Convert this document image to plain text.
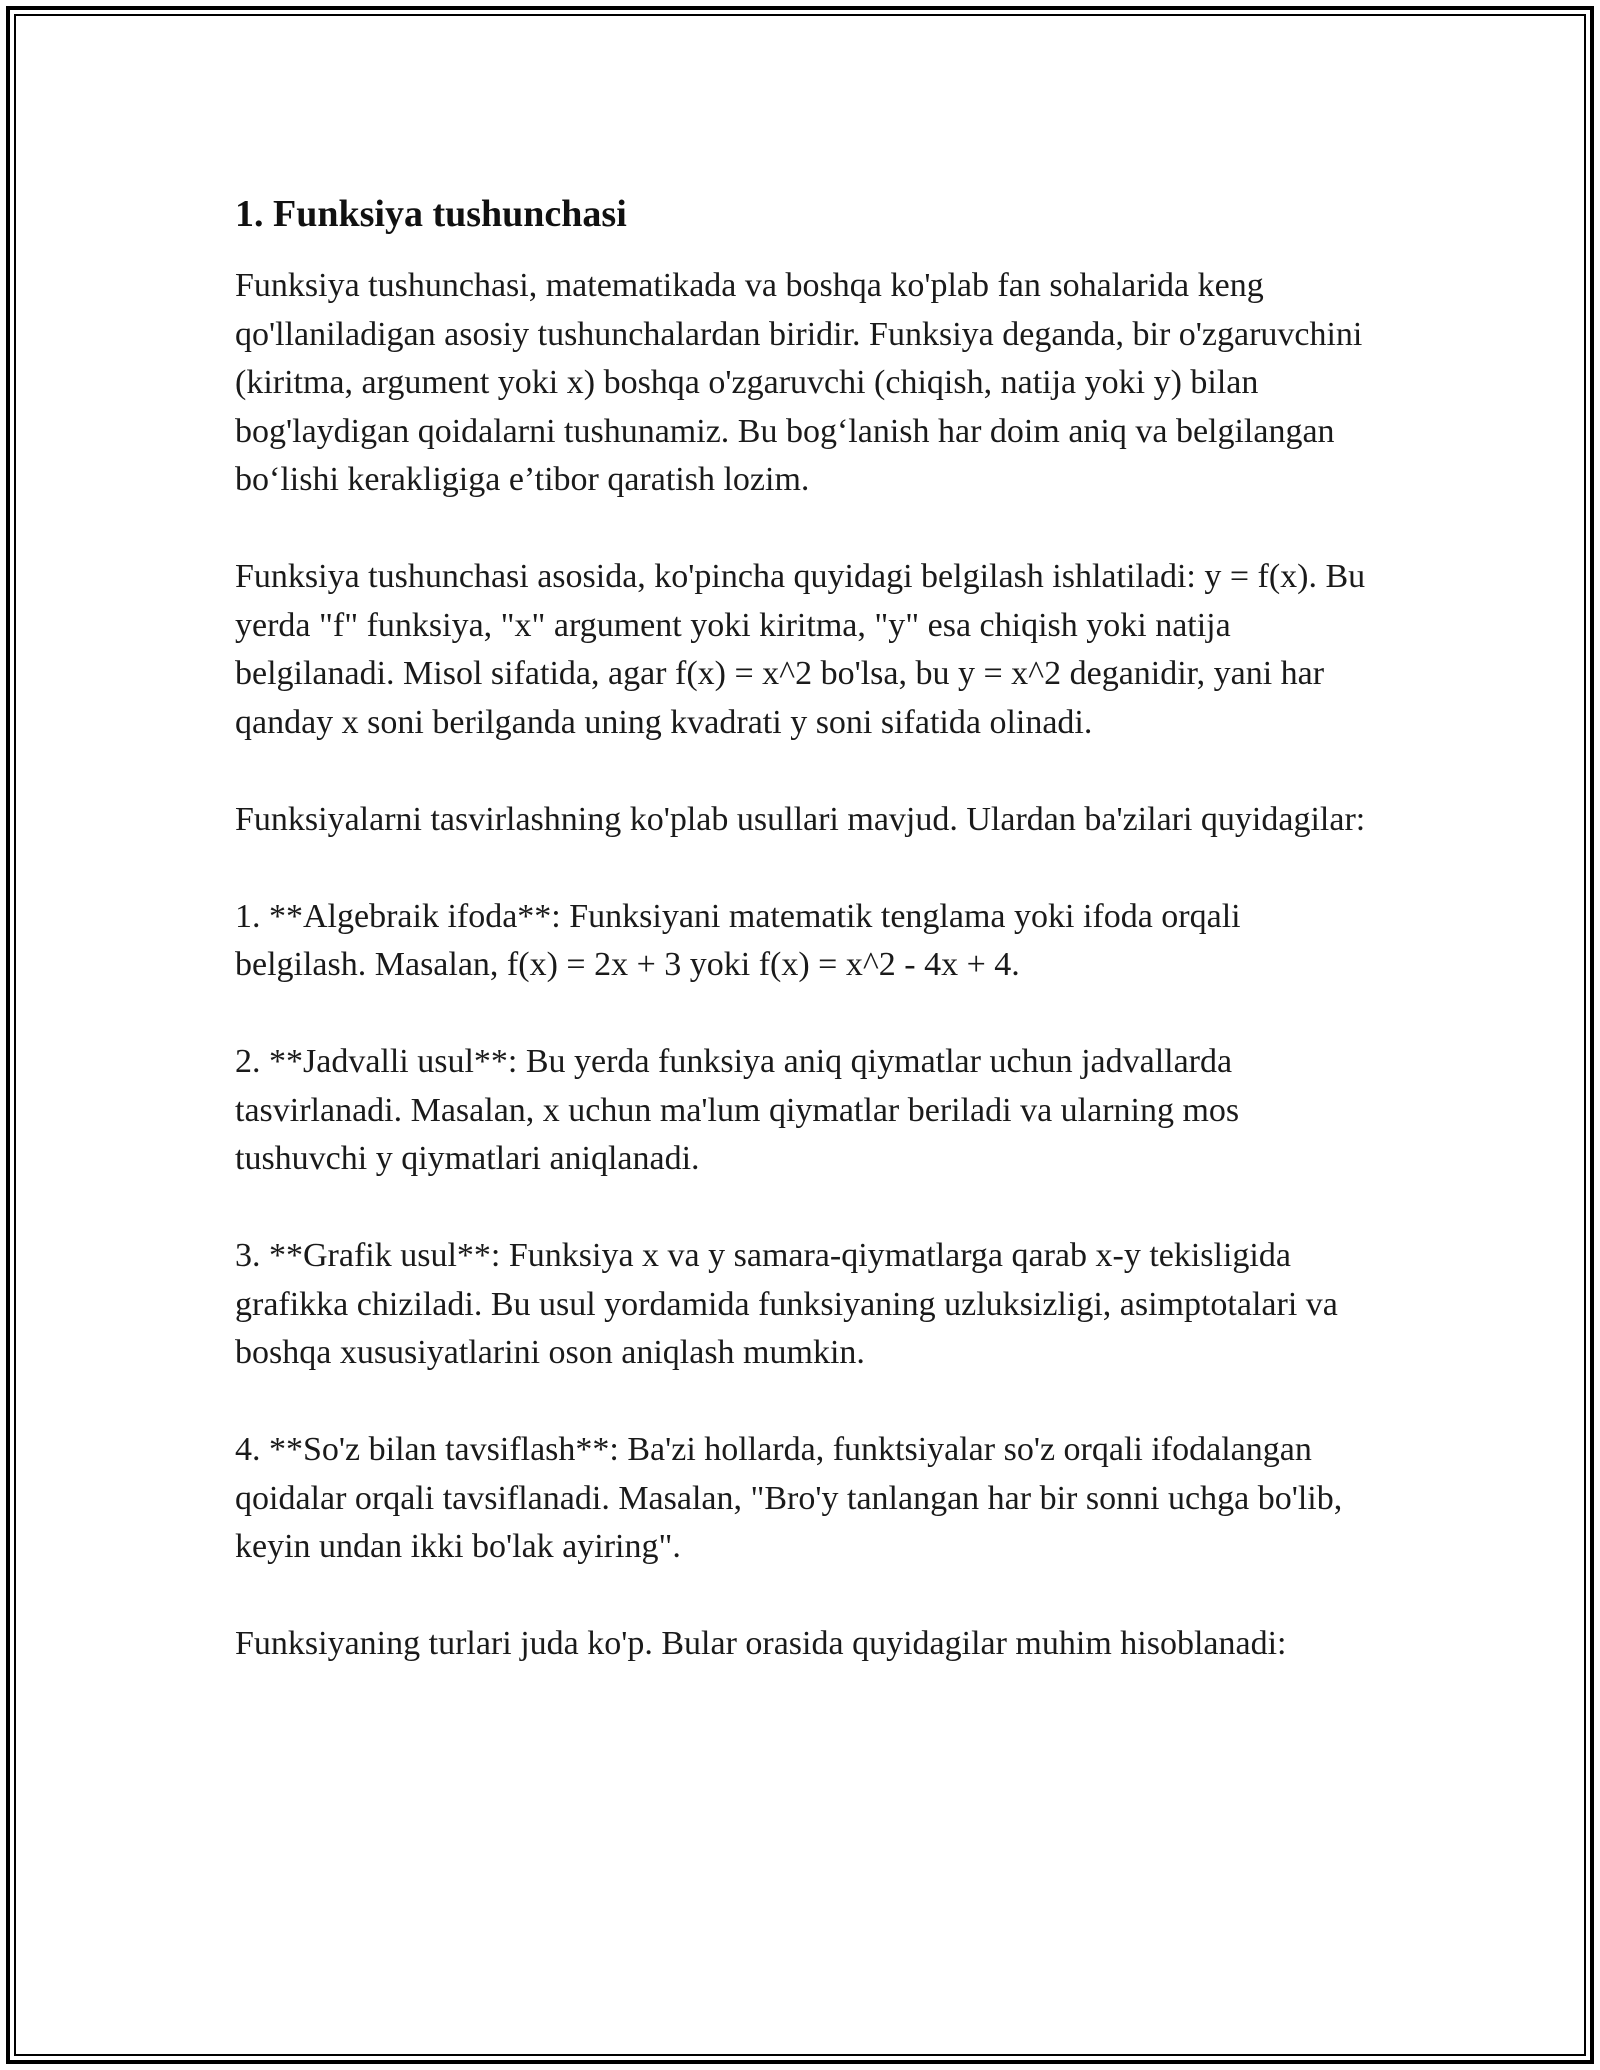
1. Funksiya tushunchasi

Funksiya tushunchasi, matematikada va boshqa ko'plab fan sohalarida keng qo'llaniladigan asosiy tushunchalardan biridir. Funksiya deganda, bir o'zgaruvchini (kiritma, argument yoki x) boshqa o'zgaruvchi (chiqish, natija yoki y) bilan bog'laydigan qoidalarni tushunamiz. Bu bog‘lanish har doim aniq va belgilangan bo‘lishi kerakligiga e’tibor qaratish lozim.

Funksiya tushunchasi asosida, ko'pincha quyidagi belgilash ishlatiladi: y = f(x). Bu yerda "f" funksiya, "x" argument yoki kiritma, "y" esa chiqish yoki natija belgilanadi. Misol sifatida, agar f(x) = x^2 bo'lsa, bu y = x^2 deganidir, yani har qanday x soni berilganda uning kvadrati y soni sifatida olinadi.

Funksiyalarni tasvirlashning ko'plab usullari mavjud. Ulardan ba'zilari quyidagilar:

1. **Algebraik ifoda**: Funksiyani matematik tenglama yoki ifoda orqali belgilash. Masalan, f(x) = 2x + 3 yoki f(x) = x^2 - 4x + 4.

2. **Jadvalli usul**: Bu yerda funksiya aniq qiymatlar uchun jadvallarda tasvirlanadi. Masalan, x uchun ma'lum qiymatlar beriladi va ularning mos tushuvchi y qiymatlari aniqlanadi.

3. **Grafik usul**: Funksiya x va y samara-qiymatlarga qarab x-y tekisligida grafikka chiziladi. Bu usul yordamida funksiyaning uzluksizligi, asimptotalari va boshqa xususiyatlarini oson aniqlash mumkin.

4. **So'z bilan tavsiflash**: Ba'zi hollarda, funktsiyalar so'z orqali ifodalangan qoidalar orqali tavsiflanadi. Masalan, "Bro'y tanlangan har bir sonni uchga bo'lib, keyin undan ikki bo'lak ayiring".

Funksiyaning turlari juda ko'p. Bular orasida quyidagilar muhim hisoblanadi:
